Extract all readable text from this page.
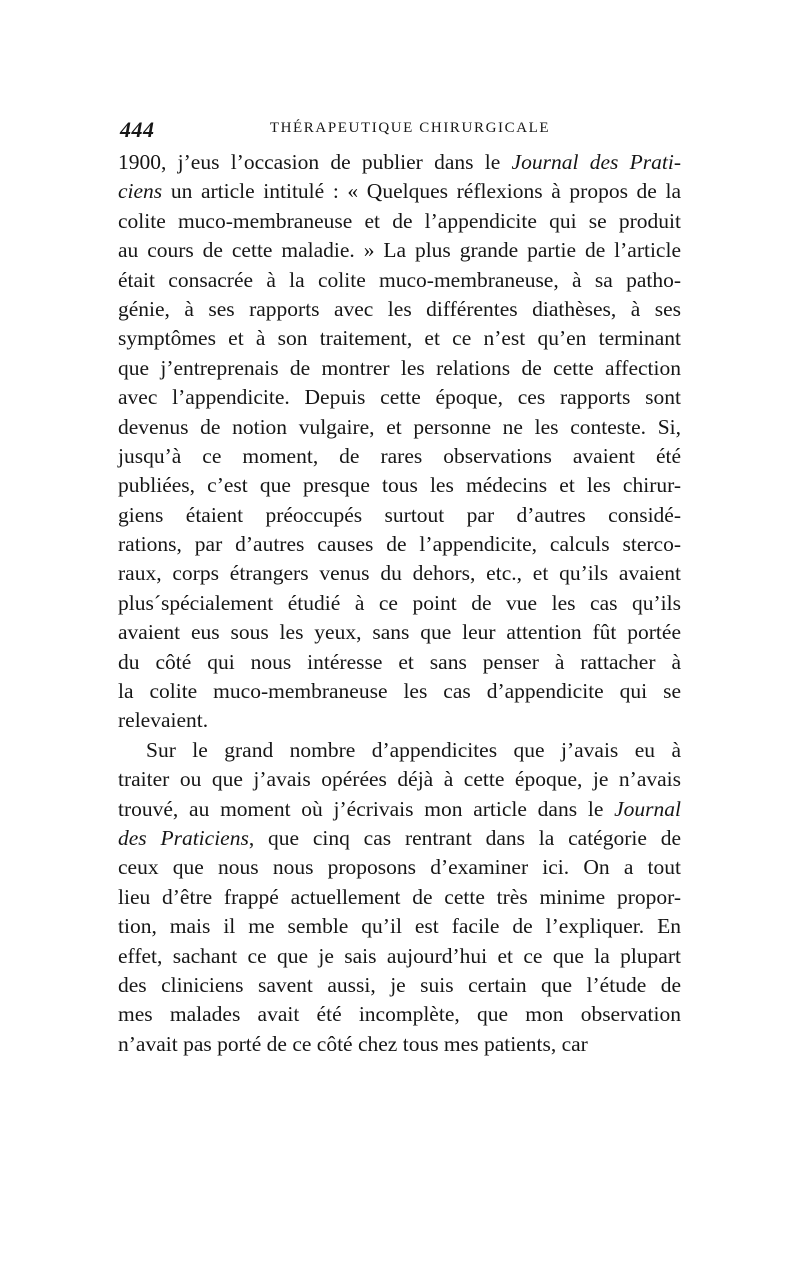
444	THÉRAPEUTIQUE CHIRURGICALE
1900, j’eus l’occasion de publier dans le Journal des Prati-
ciens un article intitulé : « Quelques réflexions à propos de la
colite muco-membraneuse et de l’appendicite qui se produit
au cours de cette maladie. » La plus grande partie de l’article
était consacrée à la colite muco-membraneuse, à sa patho-
génie, à ses rapports avec les différentes diathèses, à ses
symptômes et à son traitement, et ce n’est qu’en terminant
que j’entreprenais de montrer les relations de cette affection
avec l’appendicite. Depuis cette époque, ces rapports sont
devenus de notion vulgaire, et personne ne les conteste. Si,
jusqu’à ce moment, de rares observations avaient été
publiées, c’est que presque tous les médecins et les chirur-
giens étaient préoccupés surtout par d’autres considé-
rations, par d’autres causes de l’appendicite, calculs sterco-
raux, corps étrangers venus du dehors, etc., et qu’ils avaient
plus´spécialement étudié à ce point de vue les cas qu’ils
avaient eus sous les yeux, sans que leur attention fût portée
du côté qui nous intéresse et sans penser à rattacher à
la colite muco-membraneuse les cas d’appendicite qui se
relevaient.
Sur le grand nombre d’appendicites que j’avais eu à
traiter ou que j’avais opérées déjà à cette époque, je n’avais
trouvé, au moment où j’écrivais mon article dans le Journal
des Praticiens, que cinq cas rentrant dans la catégorie de
ceux que nous nous proposons d’examiner ici. On a tout
lieu d’être frappé actuellement de cette très minime propor-
tion, mais il me semble qu’il est facile de l’expliquer. En
effet, sachant ce que je sais aujourd’hui et ce que la plupart
des cliniciens savent aussi, je suis certain que l’étude de
mes malades avait été incomplète, que mon observation
n’avait pas porté de ce côté chez tous mes patients, car
